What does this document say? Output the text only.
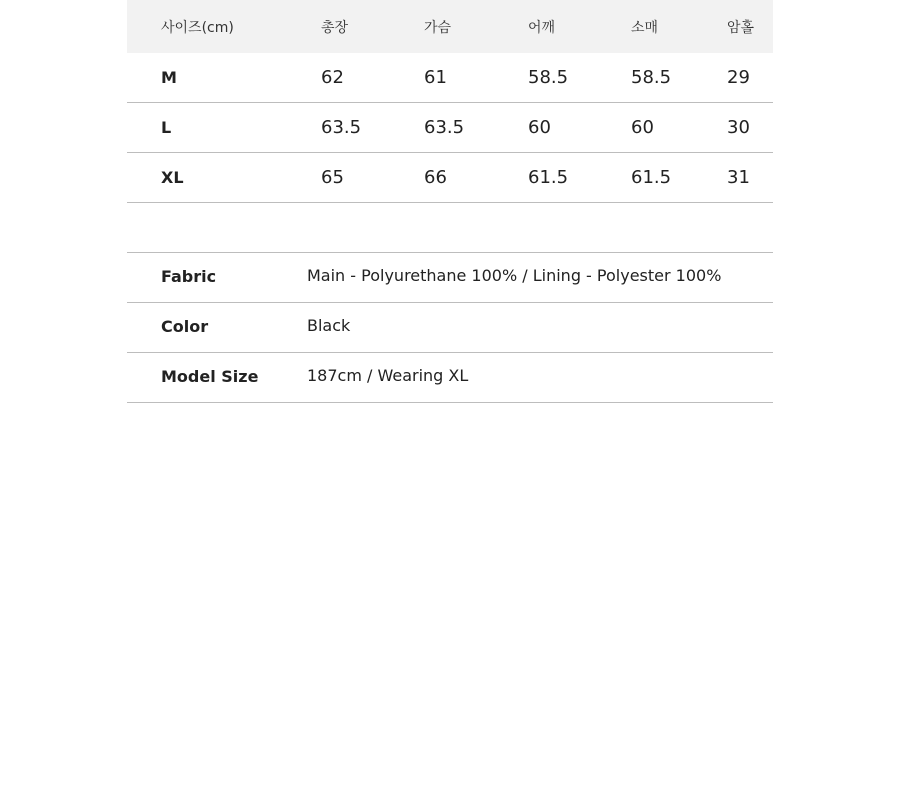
사이즈(cm)	총장	가슴	어깨	소매	암홀
M	62	61	58.5	58.5	29
L	63.5	63.5	60	60	30
XL	65	66	61.5	61.5	31
Fabric	Main - Polyurethane 100% / Lining - Polyester 100%
Color	Black
Model Size	187cm / Wearing XL
